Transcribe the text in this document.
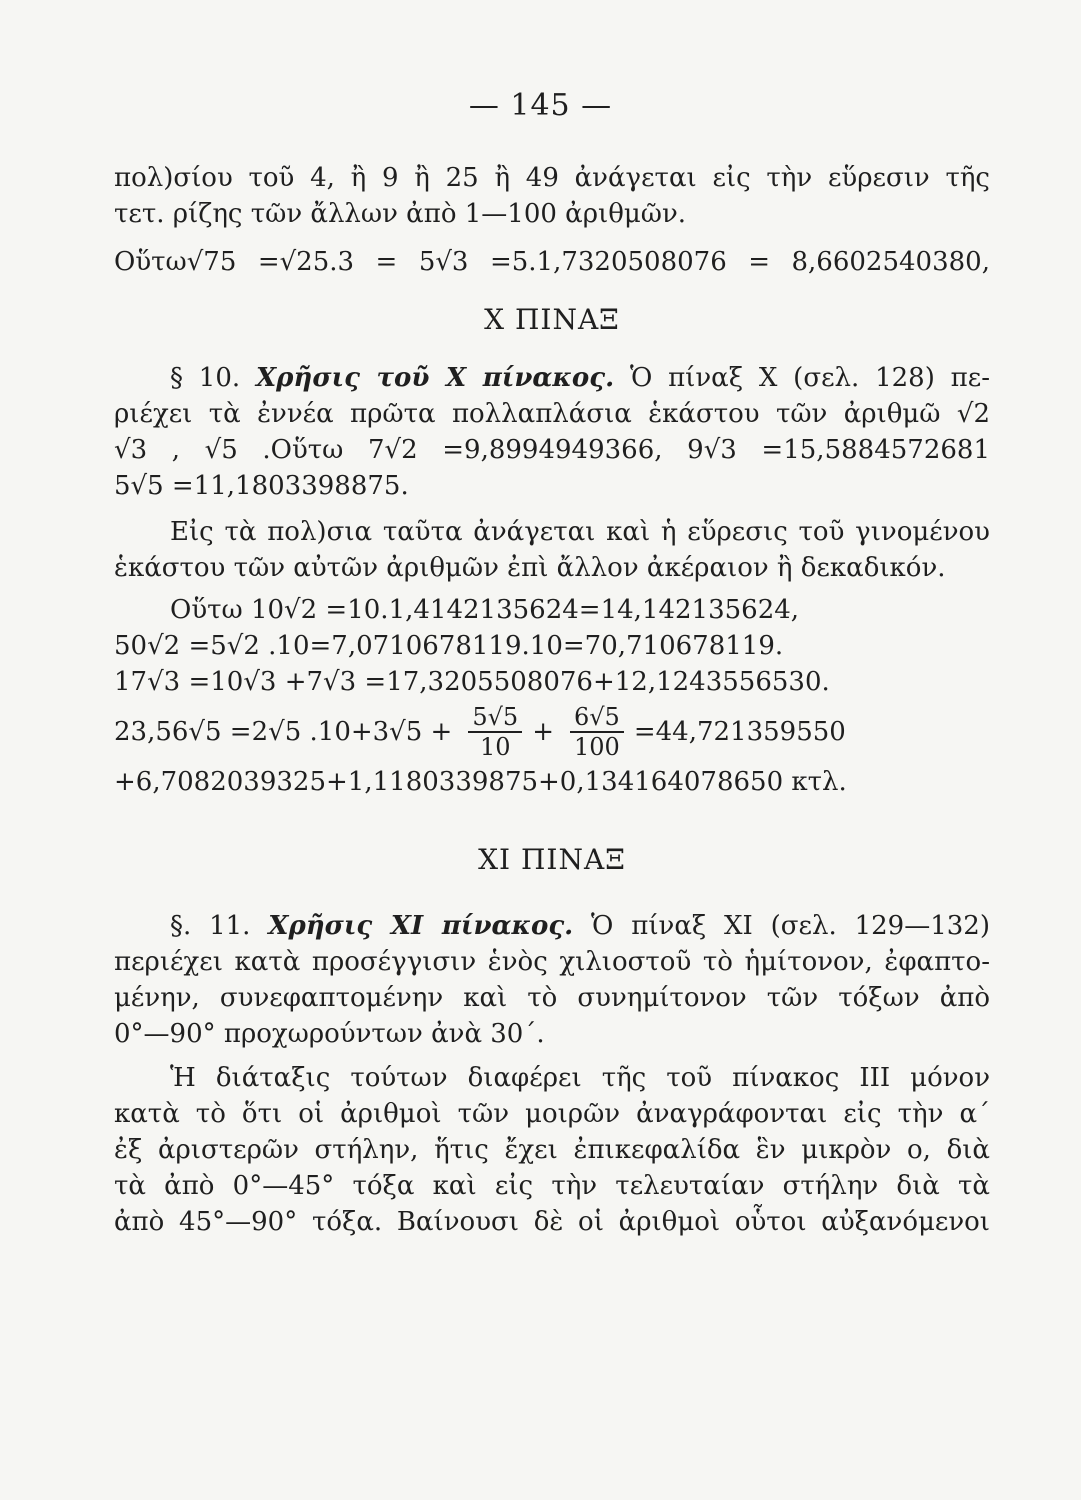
— 145 —
πολ)σίου τοῦ 4, ἢ 9 ἢ 25 ἢ 49 ἀνάγεται εἰς τὴν εὕρεσιν τῆς
τετ. ρίζης τῶν ἄλλων ἀπὸ 1—100 ἀριθμῶν.
Οὕτω√75 =√25.3 = 5√3 =5.1,7320508076 = 8,6602540380,
Χ ΠΙΝΑΞ
§ 10. Χρῆσις τοῦ Χ πίνακος. Ὁ πίναξ Χ (σελ. 128) πε-
ριέχει τὰ ἐννέα πρῶτα πολλαπλάσια ἑκάστου τῶν ἀριθμῶ √2
√3 , √5 .Οὕτω 7√2 =9,8994949366, 9√3 =15,5884572681
5√5 =11,1803398875.
Εἰς τὰ πολ)σια ταῦτα ἀνάγεται καὶ ἡ εὕρεσις τοῦ γινομένου
ἑκάστου τῶν αὐτῶν ἀριθμῶν ἐπὶ ἄλλον ἀκέραιον ἢ δεκαδικόν.
Οὕτω 10√2 =10.1,4142135624=14,142135624,
50√2 =5√2 .10=7,0710678119.10=70,710678119.
17√3 =10√3 +7√3 =17,3205508076+12,1243556530.
23,56√5 =2√5 $.10+3√5 + \frac{5√5}{10} + \frac{6√5}{100} =44,721359550$
+6,7082039325+1,1180339875+0,134164078650 κτλ.
XI ΠΙΝΑΞ
§. 11. Χρῆσις XI πίνακος. Ὁ πίναξ XI (σελ. 129—132)
περιέχει κατὰ προσέγγισιν ἑνὸς χιλιοστοῦ τὸ ἡμίτονον, ἐφαπτο-
μένην, συνεφαπτομένην καὶ τὸ συνημίτονον τῶν τόξων ἀπὸ
0°—90° προχωρούντων ἀνὰ 30΄.
Ἡ διάταξις τούτων διαφέρει τῆς τοῦ πίνακος III μόνον
κατὰ τὸ ὅτι οἱ ἀριθμοὶ τῶν μοιρῶν ἀναγράφονται εἰς τὴν α΄
ἐξ ἀριστερῶν στήλην, ἥτις ἔχει ἐπικεφαλίδα ἓν μικρὸν ο, διὰ
τὰ ἀπὸ 0°—45° τόξα καὶ εἰς τὴν τελευταίαν στήλην διὰ τὰ
ἀπὸ 45°—90° τόξα. Βαίνουσι δὲ οἱ ἀριθμοὶ οὗτοι αὐξανόμενοι
